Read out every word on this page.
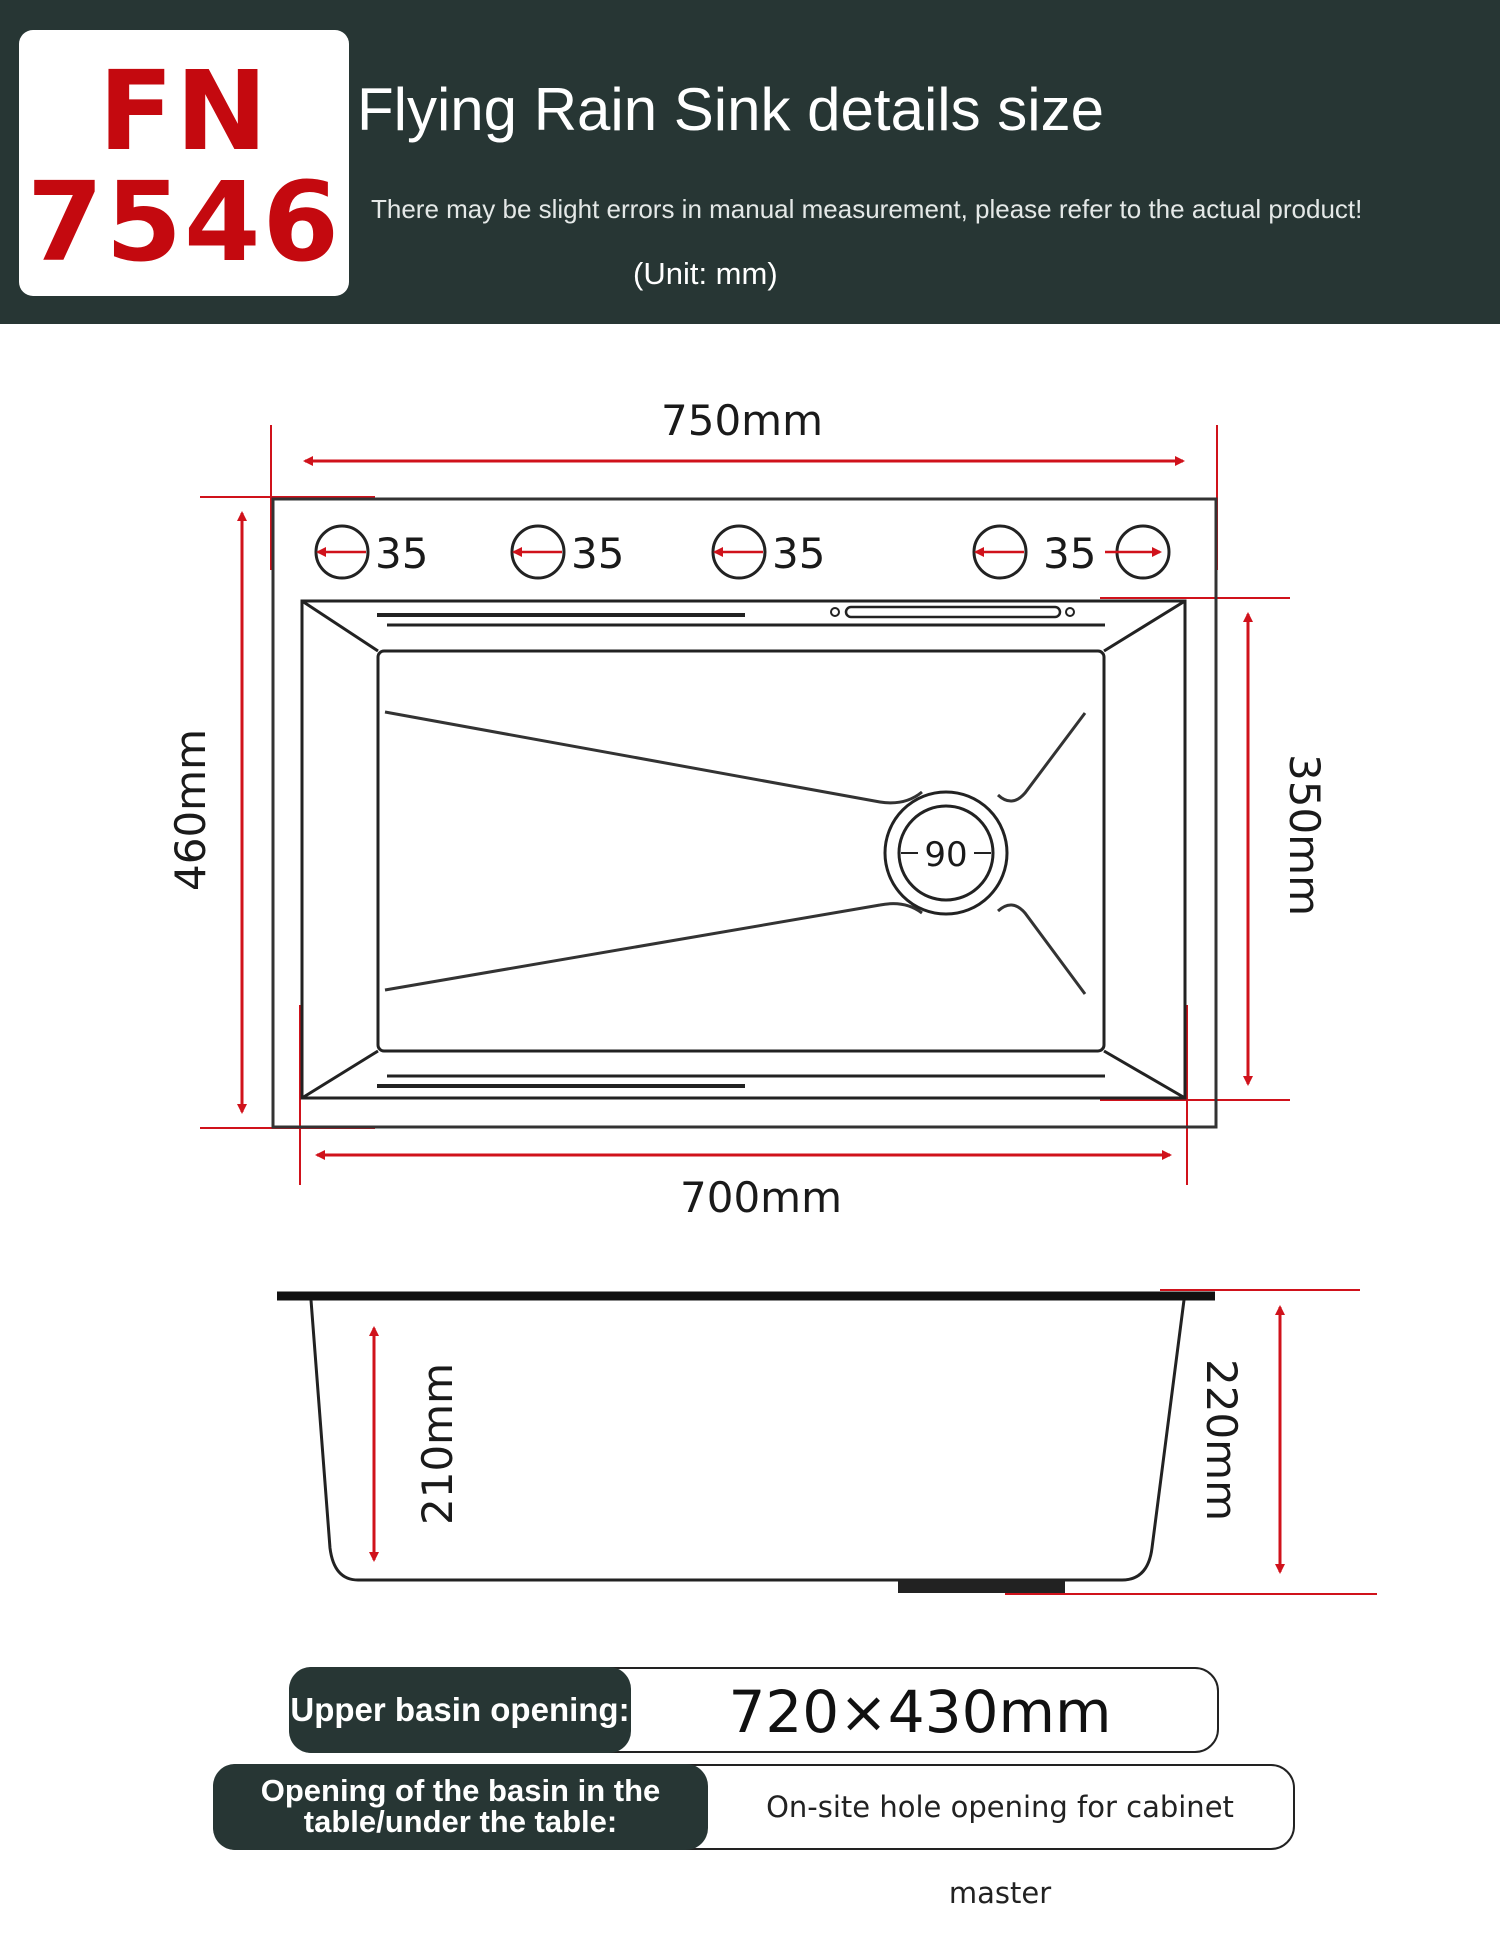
FN
7546
Flying Rain Sink details size
There may be slight errors in manual measurement, please refer to the actual product!
(Unit: mm)
90
35	35	35	35
750mm
460mm	350mm
700mm
210mm	220mm
Upper basin opening:	720×430mm
Opening of the basin in the
table/under the table:	On-site hole opening for cabinet master
